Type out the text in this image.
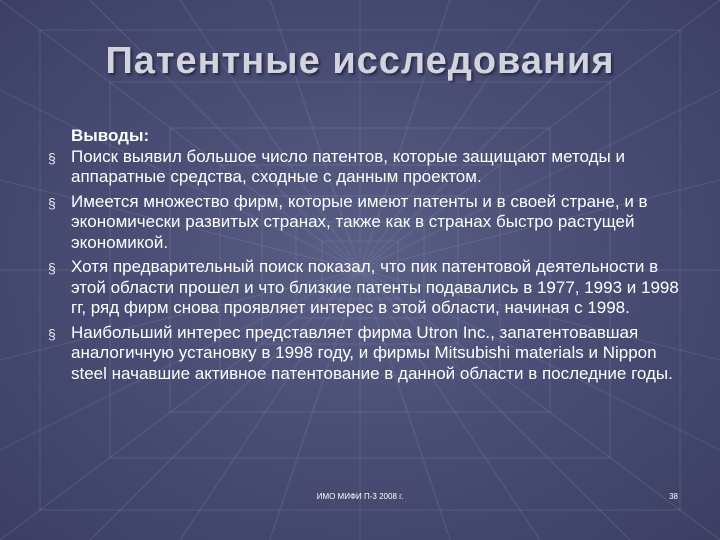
Патентные исследования
Выводы:
§ Поиск выявил большое число патентов, которые защищают методы и аппаратные средства, сходные с данным проектом.
§ Имеется множество фирм, которые имеют патенты и в своей стране, и в экономически развитых странах, также как в странах быстро растущей экономикой.
§ Хотя предварительный поиск показал, что пик патентовой деятельности в этой области прошел и что близкие патенты подавались в 1977, 1993 и 1998 гг, ряд фирм снова проявляет интерес в этой области, начиная с 1998.
§ Наибольший интерес представляет фирма Utron Inc., запатентовавшая аналогичную установку в 1998 году, и фирмы Mitsubishi materials и Nippon steel начавшие активное патентование в данной области в последние годы.
ИМО МИФИ П-3 2008 г.	38
